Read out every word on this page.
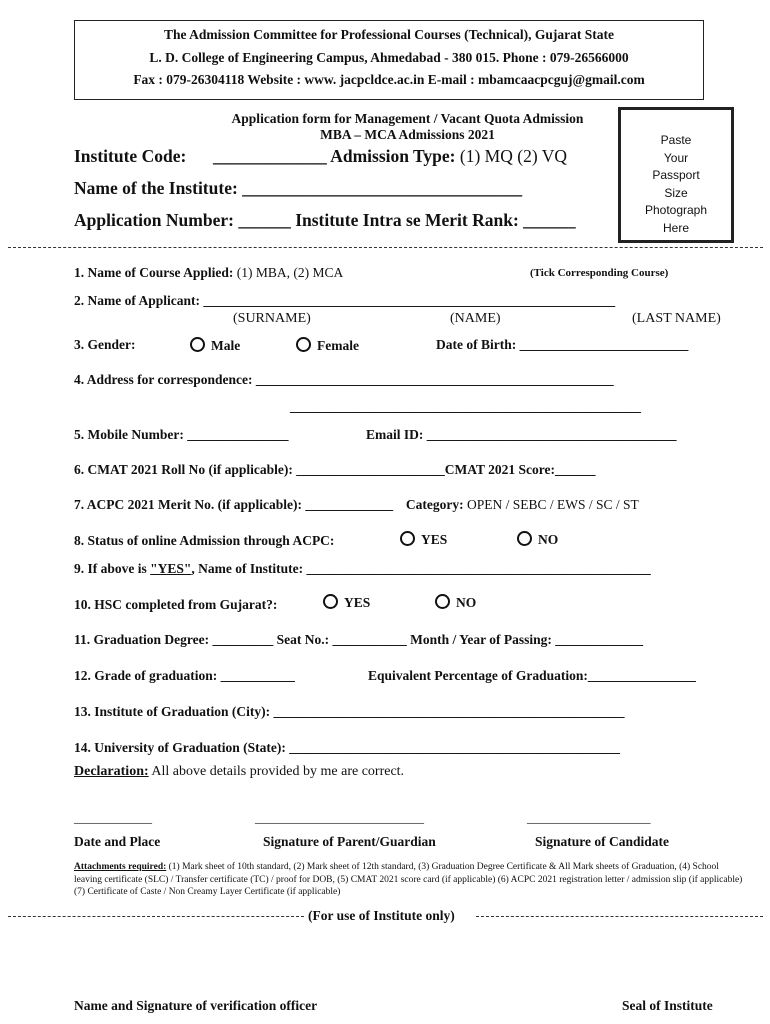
The Admission Committee for Professional Courses (Technical), Gujarat State
L. D. College of Engineering Campus, Ahmedabad - 380 015. Phone : 079-26566000
Fax : 079-26304118 Website : www. jacpcldce.ac.in E-mail : mbamcaacpcguj@gmail.com
Application form for Management / Vacant Quota Admission
MBA – MCA Admissions 2021	Paste
Your
Passport
Size
Photograph
Here
Institute Code: _____________ Admission Type: (1) MQ (2) VQ
Name of the Institute: ________________________________
Application Number: ______ Institute Intra se Merit Rank: ______
1. Name of Course Applied: (1) MBA, (2) MCA	(Tick Corresponding Course)
2. Name of Applicant: _____________________________________________________________
(SURNAME)	(NAME)	(LAST NAME)
3. Gender:	Male	Female	Date of Birth: _________________________
4. Address for correspondence: _____________________________________________________
____________________________________________________
5. Mobile Number: _______________	Email ID: _____________________________________
6. CMAT 2021 Roll No (if applicable): ______________________CMAT 2021 Score:______
7. ACPC 2021 Merit No. (if applicable): _____________ Category: OPEN / SEBC / EWS / SC / ST
8. Status of online Admission through ACPC:	YES	NO
9. If above is "YES", Name of Institute: ___________________________________________________
10. HSC completed from Gujarat?:	YES	NO
11. Graduation Degree: _________ Seat No.: ___________ Month / Year of Passing: _____________
12. Grade of graduation: ___________	Equivalent Percentage of Graduation:________________
13. Institute of Graduation (City): ____________________________________________________
14. University of Graduation (State): _________________________________________________
Declaration: All above details provided by me are correct.
____________	__________________________	___________________
Date and Place	Signature of Parent/Guardian	Signature of Candidate
Attachments required: (1) Mark sheet of 10th standard, (2) Mark sheet of 12th standard, (3) Graduation Degree Certificate & All Mark sheets of Graduation, (4) School leaving certificate (SLC) / Transfer certificate (TC) / proof for DOB, (5) CMAT 2021 score card (if applicable) (6) ACPC 2021 registration letter / admission slip (if applicable) (7) Certificate of Caste / Non Creamy Layer Certificate (if applicable)
(For use of Institute only)
Name and Signature of verification officer	Seal of Institute
